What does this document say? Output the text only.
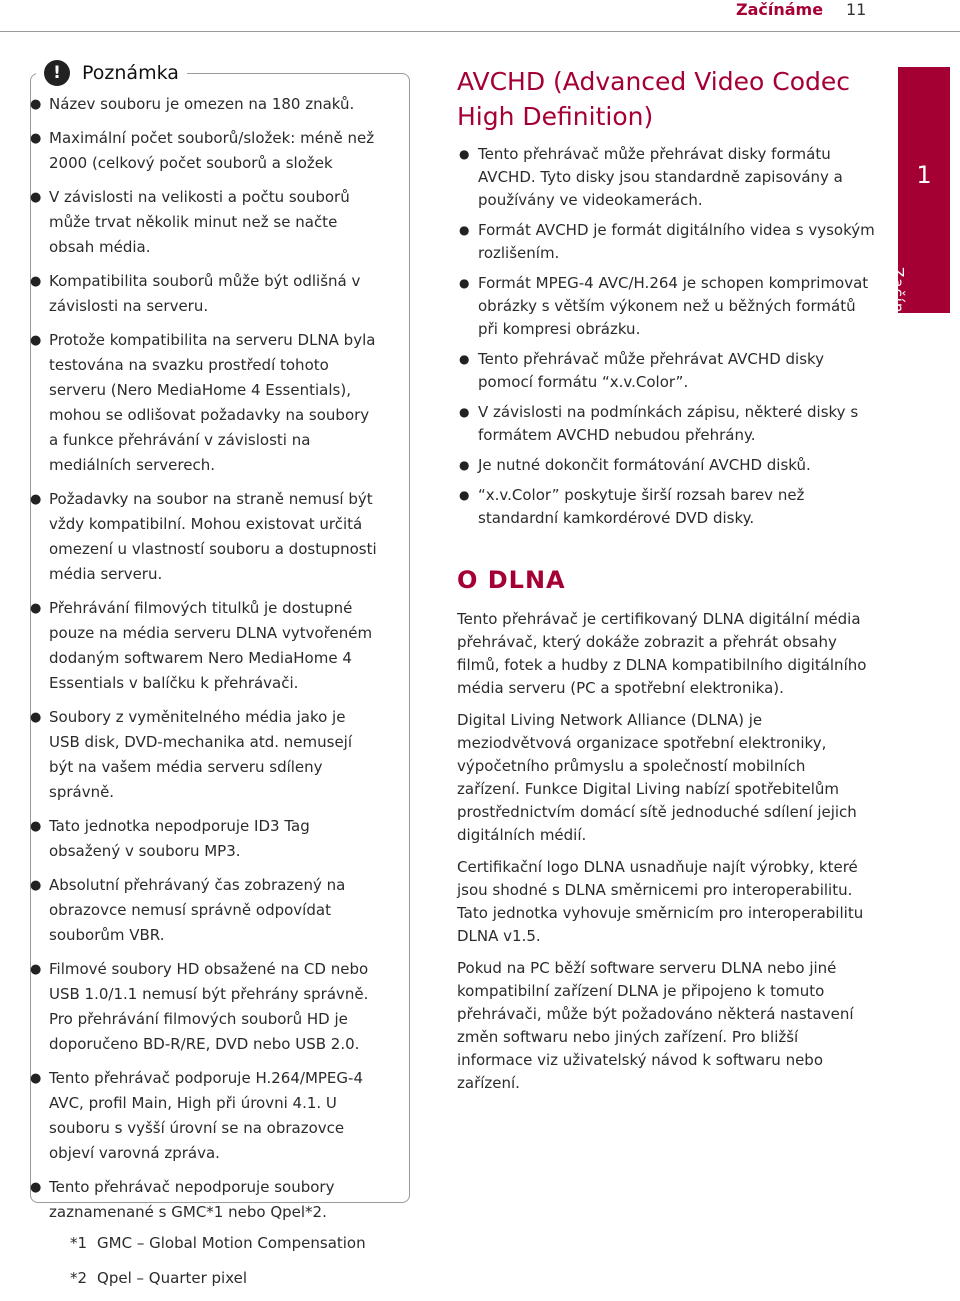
Začínáme 11
!	Poznámka
● Název souboru je omezen na 180 znaků.
● Maximální počet souborů/složek: méně než 2000 (celkový počet souborů a složek
● V závislosti na velikosti a počtu souborů může trvat několik minut než se načte obsah média.
● Kompatibilita souborů může být odlišná v závislosti na serveru.
● Protože kompatibilita na serveru DLNA byla testována na svazku prostředí tohoto serveru (Nero MediaHome 4 Essentials), mohou se odlišovat požadavky na soubory a funkce přehrávání v závislosti na mediálních serverech.
● Požadavky na soubor na straně nemusí být vždy kompatibilní. Mohou existovat určitá omezení u vlastností souboru a dostupnosti média serveru.
● Přehrávání filmových titulků je dostupné pouze na média serveru DLNA vytvořeném dodaným softwarem Nero MediaHome 4 Essentials v balíčku k přehrávači.
● Soubory z vyměnitelného média jako je USB disk, DVD-mechanika atd. nemusejí být na vašem média serveru sdíleny správně.
● Tato jednotka nepodporuje ID3 Tag obsažený v souboru MP3.
● Absolutní přehrávaný čas zobrazený na obrazovce nemusí správně odpovídat souborům VBR.
● Filmové soubory HD obsažené na CD nebo USB 1.0/1.1 nemusí být přehrány správně. Pro přehrávání filmových souborů HD je doporučeno BD-R/RE, DVD nebo USB 2.0.
● Tento přehrávač podporuje H.264/MPEG-4 AVC, profil Main, High při úrovni 4.1. U souboru s vyšší úrovní se na obrazovce objeví varovná zpráva.
● Tento přehrávač nepodporuje soubory zaznamenané s GMC*1 nebo Qpel*2.
*1 GMC – Global Motion Compensation
*2 Qpel – Quarter pixel
AVCHD (Advanced Video Codec High Definition)
● Tento přehrávač může přehrávat disky formátu AVCHD. Tyto disky jsou standardně zapisovány a používány ve videokamerách.
● Formát AVCHD je formát digitálního videa s vysokým rozlišením.
● Formát MPEG-4 AVC/H.264 je schopen komprimovat obrázky s větším výkonem než u běžných formátů při kompresi obrázku.
● Tento přehrávač může přehrávat AVCHD disky pomocí formátu “x.v.Color”.
● V závislosti na podmínkách zápisu, některé disky s formátem AVCHD nebudou přehrány.
● Je nutné dokončit formátování AVCHD disků.
● “x.v.Color” poskytuje širší rozsah barev než standardní kamkordérové DVD disky.
O DLNA

Tento přehrávač je certifikovaný DLNA digitální média přehrávač, který dokáže zobrazit a přehrát obsahy filmů, fotek a hudby z DLNA kompatibilního digitálního média serveru (PC a spotřební elektronika).

Digital Living Network Alliance (DLNA) je meziodvětvová organizace spotřební elektroniky, výpočetního průmyslu a společností mobilních zařízení. Funkce Digital Living nabízí spotřebitelům prostřednictvím domácí sítě jednoduché sdílení jejich digitálních médií.

Certifikační logo DLNA usnadňuje najít výrobky, které jsou shodné s DLNA směrnicemi pro interoperabilitu. Tato jednotka vyhovuje směrnicím pro interoperabilitu DLNA v1.5.

Pokud na PC běží software serveru DLNA nebo jiné kompatibilní zařízení DLNA je připojeno k tomuto přehrávači, může být požadováno některá nastavení změn softwaru nebo jiných zařízení. Pro bližší informace viz uživatelský návod k softwaru nebo zařízení.

1
Začínáme
